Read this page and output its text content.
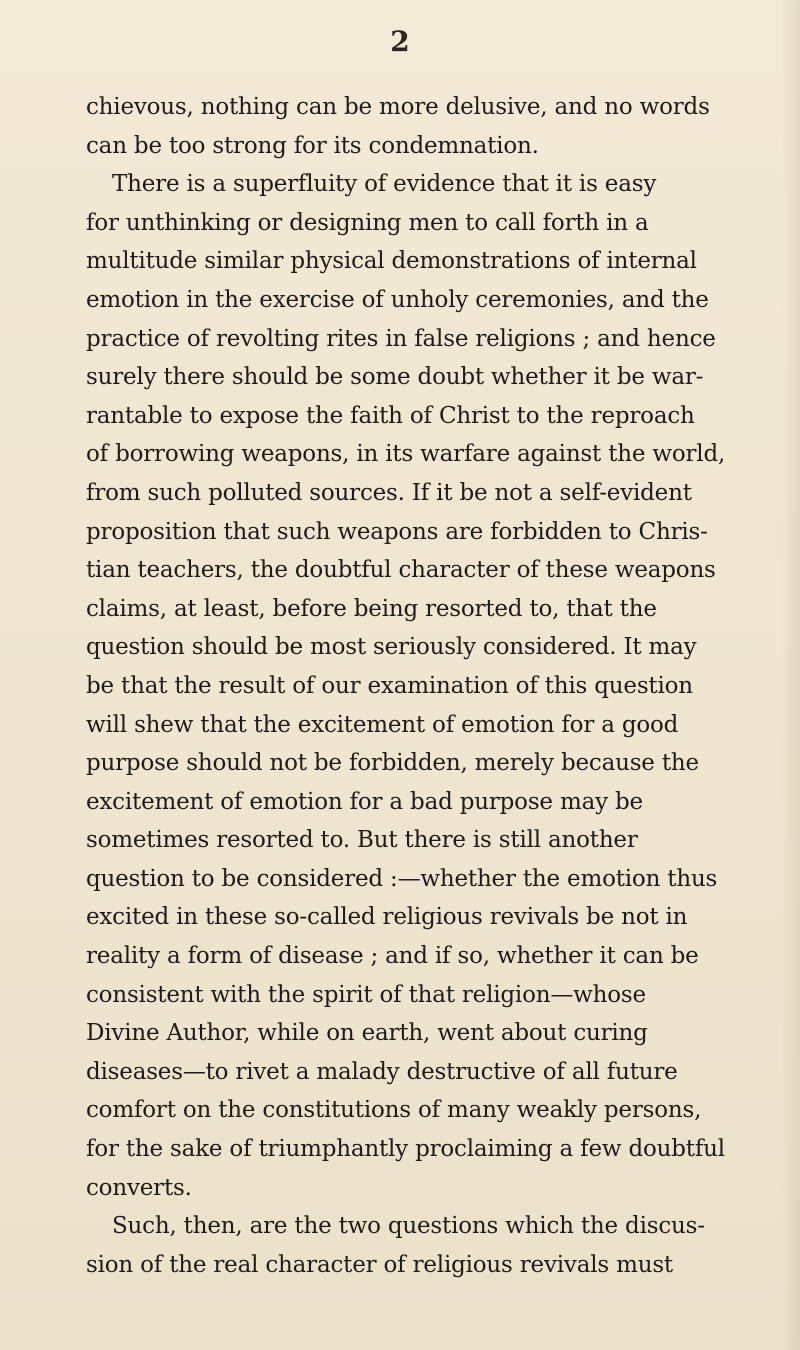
2
chievous, nothing can be more delusive, and no words
can be too strong for its condemnation.
There is a superfluity of evidence that it is easy
for unthinking or designing men to call forth in a
multitude similar physical demonstrations of internal
emotion in the exercise of unholy ceremonies, and the
practice of revolting rites in false religions ; and hence
surely there should be some doubt whether it be war-
rantable to expose the faith of Christ to the reproach
of borrowing weapons, in its warfare against the world,
from such polluted sources. If it be not a self-evident
proposition that such weapons are forbidden to Chris-
tian teachers, the doubtful character of these weapons
claims, at least, before being resorted to, that the
question should be most seriously considered. It may
be that the result of our examination of this question
will shew that the excitement of emotion for a good
purpose should not be forbidden, merely because the
excitement of emotion for a bad purpose may be
sometimes resorted to. But there is still another
question to be considered :—whether the emotion thus
excited in these so-called religious revivals be not in
reality a form of disease ; and if so, whether it can be
consistent with the spirit of that religion—whose
Divine Author, while on earth, went about curing
diseases—to rivet a malady destructive of all future
comfort on the constitutions of many weakly persons,
for the sake of triumphantly proclaiming a few doubtful
converts.
Such, then, are the two questions which the discus-
sion of the real character of religious revivals must
